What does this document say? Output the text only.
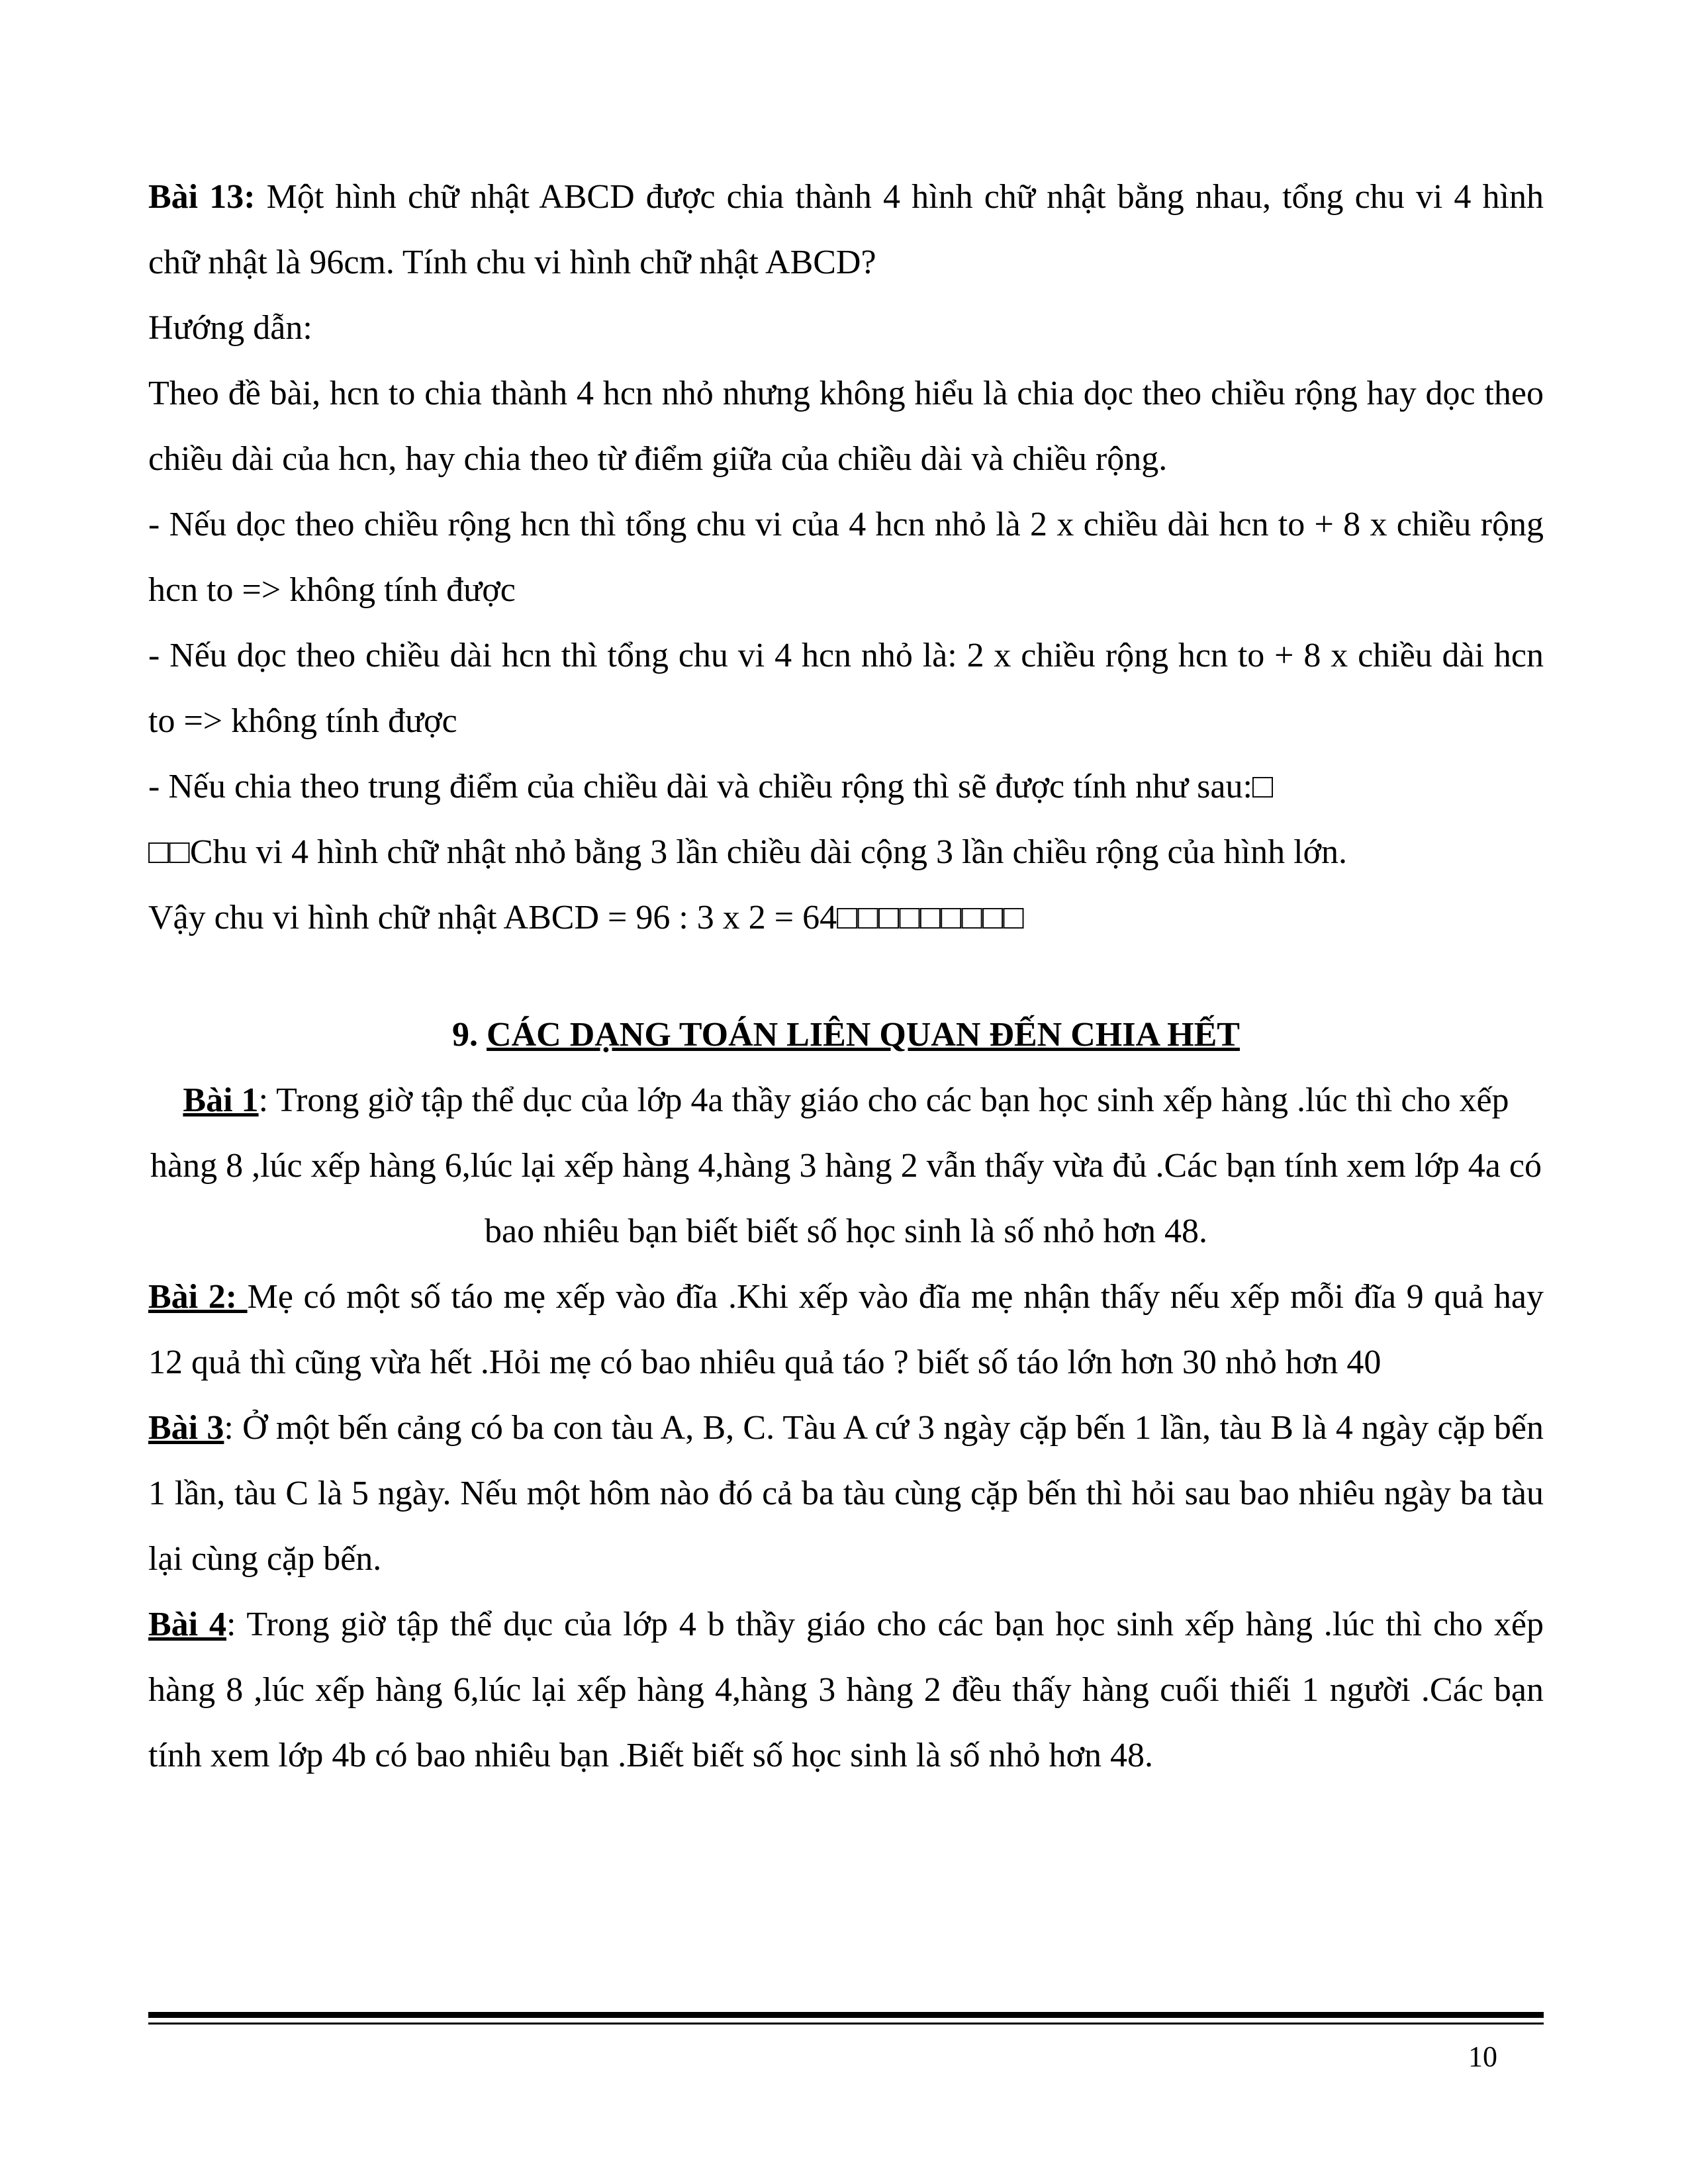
Bài 13: Một hình chữ nhật ABCD được chia thành 4 hình chữ nhật bằng nhau, tổng chu vi 4 hình chữ nhật là 96cm. Tính chu vi hình chữ nhật ABCD?

Hướng dẫn:

Theo đề bài, hcn to chia thành 4 hcn nhỏ nhưng không hiểu là chia dọc theo chiều rộng hay dọc theo chiều dài của hcn, hay chia theo từ điểm giữa của chiều dài và chiều rộng.

- Nếu dọc theo chiều rộng hcn thì tổng chu vi của 4 hcn nhỏ là 2 x chiều dài hcn to + 8 x chiều rộng hcn to => không tính được

- Nếu dọc theo chiều dài hcn thì tổng chu vi 4 hcn nhỏ là: 2 x chiều rộng hcn to + 8 x chiều dài hcn to => không tính được

- Nếu chia theo trung điểm của chiều dài và chiều rộng thì sẽ được tính như sau:□

□□Chu vi 4 hình chữ nhật nhỏ bằng 3 lần chiều dài cộng 3 lần chiều rộng của hình lớn.

Vậy chu vi hình chữ nhật ABCD = 96 : 3 x 2 = 64□□□□□□□□□

9. CÁC DẠNG TOÁN LIÊN QUAN ĐẾN CHIA HẾT

Bài 1: Trong giờ tập thể dục của lớp 4a thầy giáo cho các bạn học sinh xếp hàng .lúc thì cho xếp hàng 8 ,lúc xếp hàng 6,lúc lại xếp hàng 4,hàng 3 hàng 2 vẫn thấy vừa đủ .Các bạn tính xem lớp 4a có bao nhiêu bạn biết biết số học sinh là số nhỏ hơn 48.

Bài 2: Mẹ có một số táo mẹ xếp vào đĩa .Khi xếp vào đĩa mẹ nhận thấy nếu xếp mỗi đĩa 9 quả hay 12 quả thì cũng vừa hết .Hỏi mẹ có bao nhiêu quả táo ? biết số táo lớn hơn 30 nhỏ hơn 40

Bài 3: Ở một bến cảng có ba con tàu A, B, C. Tàu A cứ 3 ngày cặp bến 1 lần, tàu B là 4 ngày cặp bến 1 lần, tàu C là 5 ngày. Nếu một hôm nào đó cả ba tàu cùng cặp bến thì hỏi sau bao nhiêu ngày ba tàu lại cùng cặp bến.

Bài 4: Trong giờ tập thể dục của lớp 4 b thầy giáo cho các bạn học sinh xếp hàng .lúc thì cho xếp hàng 8 ,lúc xếp hàng 6,lúc lại xếp hàng 4,hàng 3 hàng 2 đều thấy hàng cuối thiếi 1 người .Các bạn tính xem lớp 4b có bao nhiêu bạn .Biết biết số học sinh là số nhỏ hơn 48.

10
